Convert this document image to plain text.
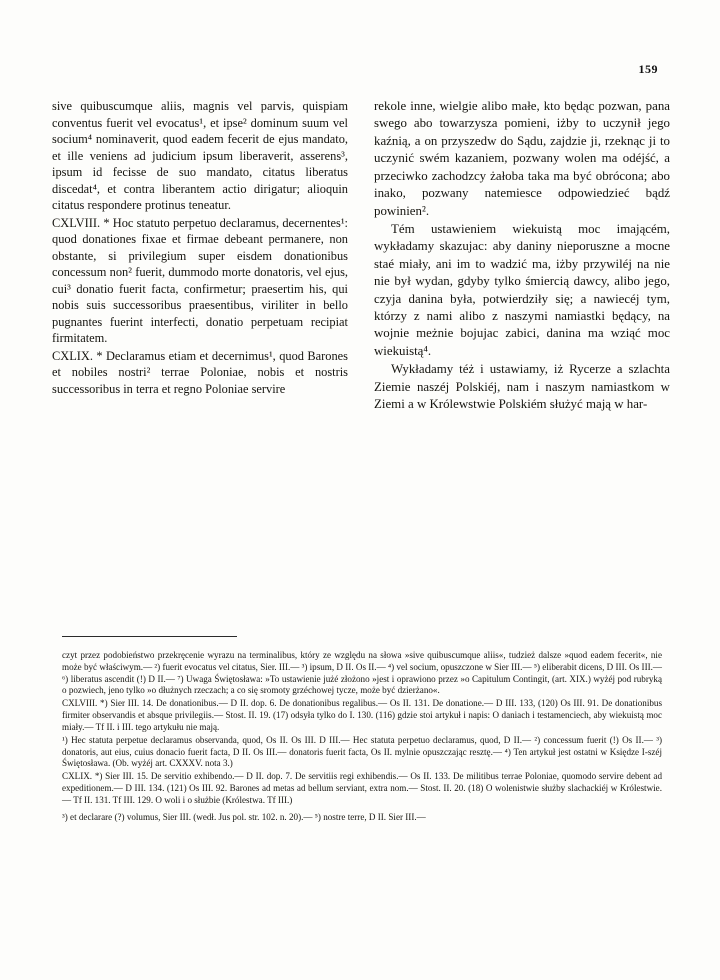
159

sive quibuscumque aliis, magnis vel parvis, quispiam conventus fuerit vel evocatus¹, et ipse² dominum suum vel socium⁴ nominaverit, quod eadem fecerit de ejus mandato, et ille veniens ad judicium ipsum liberaverit, asserens³, ipsum id fecisse de suo mandato, citatus liberatus discedat⁴, et contra liberantem actio dirigatur; alioquin citatus respondere protinus teneatur.

CXLVIII. * Hoc statuto perpetuo declaramus, decernentes¹: quod donationes fixae et firmae debeant permanere, non obstante, si privilegium super eisdem donationibus concessum non² fuerit, dummodo morte donatoris, vel ejus, cui³ donatio fuerit facta, confirmetur; praesertim his, qui nobis suis successoribus praesentibus, viriliter in bello pugnantes fuerint interfecti, donatio perpetuam recipiat firmitatem.

CXLIX. * Declaramus etiam et decernimus¹, quod Barones et nobiles nostri² terrae Poloniae, nobis et nostris successoribus in terra et regno Poloniae servire

rekole inne, wielgie alibo małe, kto będąc pozwan, pana swego abo towarzysza pomieni, iżby to uczynił jego kaźnią, a on przyszedw do Sądu, zajdzie ji, rzeknąc ji to uczynić swém kazaniem, pozwany wolen ma odéjść, a przeciwko zachodzcy żałoba taka ma być obrócona; abo inako, pozwany natemiesce odpowiedzieć bądź powinien².

Tém ustawieniem wiekuistą moc imającém, wykładamy skazujac: aby daniny nieporuszne a mocne staé miały, ani im to wadzić ma, iżby przywiléj na nie nie był wydan, gdyby tylko śmiercią dawcy, alibo jego, czyja danina była, potwierdziły się; a nawiecéj tym, którzy z nami alibo z naszymi namiastki będący, na wojnie meżnie bojujac zabici, danina ma wziąć moc wiekuistą⁴.

Wykładamy téż i ustawiamy, iż Rycerze a szlachta Ziemie naszéj Polskiéj, nam i naszym namiastkom w Ziemi a w Królewstwie Polskiém służyć mają w har-

czyt przez podobieństwo przekręcenie wyrazu na terminalibus, który ze względu na słowa »sive quibuscumque aliis«, tudzież dalsze »quod eadem fecerit«, nie może być właściwym.— ²) fuerit evocatus vel citatus, Sier. III.— ³) ipsum, D II. Os II.— ⁴) vel socium, opuszczone w Sier III.— ⁵) eliberabit dicens, D III. Os III.— ⁶) liberatus ascendit (!) D II.— ⁷) Uwaga Świętosława: »To ustawienie jużé złożono »jest i oprawiono przez »o Capitulum Contingit, (art. XIX.) wyżéj pod rubryką o pozwiech, jeno tylko »o dłużnych rzeczach; a co się sromoty grzéchowej tycze, może być dzierżano«.

CXLVIII. *) Sier III. 14. De donationibus.— D II. dop. 6. De donationibus regalibus.— Os II. 131. De donatione.— D III. 133, (120) Os III. 91. De donationibus firmiter observandis et absque privilegiis.— Stost. II. 19. (17) odsyła tylko do I. 130. (116) gdzie stoi artykuł i napis: O daniach i testamenciech, aby wiekuistą moc miały.— Tf II. i III. tego artykułu nie mają.

¹) Hec statuta perpetue declaramus observanda, quod, Os II. Os III. D III.— Hec statuta perpetuo declaramus, quod, D II.— ²) concessum fuerit (!) Os II.— ³) donatoris, aut eius, cuius donacio fuerit facta, D II. Os III.— donatoris fuerit facta, Os II. mylnie opuszczając resztę.— ⁴) Ten artykuł jest ostatni w Księdze I-széj Świętosława. (Ob. wyżéj art. CXXXV. nota 3.)

CXLIX. *) Sier III. 15. De servitio exhibendo.— D II. dop. 7. De servitiis regi exhibendis.— Os II. 133. De militibus terrae Poloniae, quomodo servire debent ad expeditionem.— D III. 134. (121) Os III. 92. Barones ad metas ad bellum serviant, extra nom.— Stost. II. 20. (18) O wolenistwie służby slachackiéj w Królestwie.— Tf II. 131. Tf III. 129. O woli i o służbie (Królestwa. Tf III.)

³) et declarare (?) volumus, Sier III. (wedł. Jus pol. str. 102. n. 20).— ⁵) nostre terre, D II. Sier III.—
